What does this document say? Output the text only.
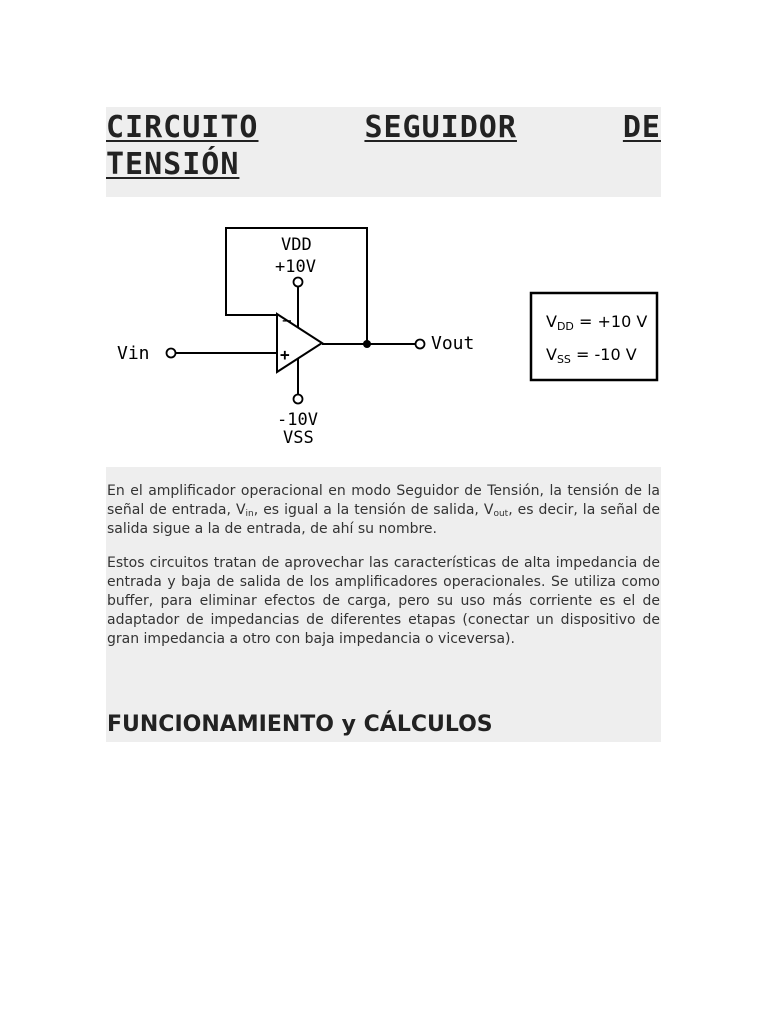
CIRCUITO	SEGUIDOR	DE
TENSIÓN
−
+
VDD
+10V
-10V
VSS
Vin	Vout
VDD = +10 V
VSS = -10 V

En el amplificador operacional en modo Seguidor de Tensión, la tensión de la señal de entrada, $V_{in}$, es igual a la tensión de salida, $V_{out}$, es decir, la señal de salida sigue a la de entrada, de ahí su nombre.

Estos circuitos tratan de aprovechar las características de alta impedancia de entrada y baja de salida de los amplificadores operacionales. Se utiliza como buffer, para eliminar efectos de carga, pero su uso más corriente es el de adaptador de impedancias de diferentes etapas (conectar un dispositivo de gran impedancia a otro con baja impedancia o viceversa).

FUNCIONAMIENTO y CÁLCULOS
